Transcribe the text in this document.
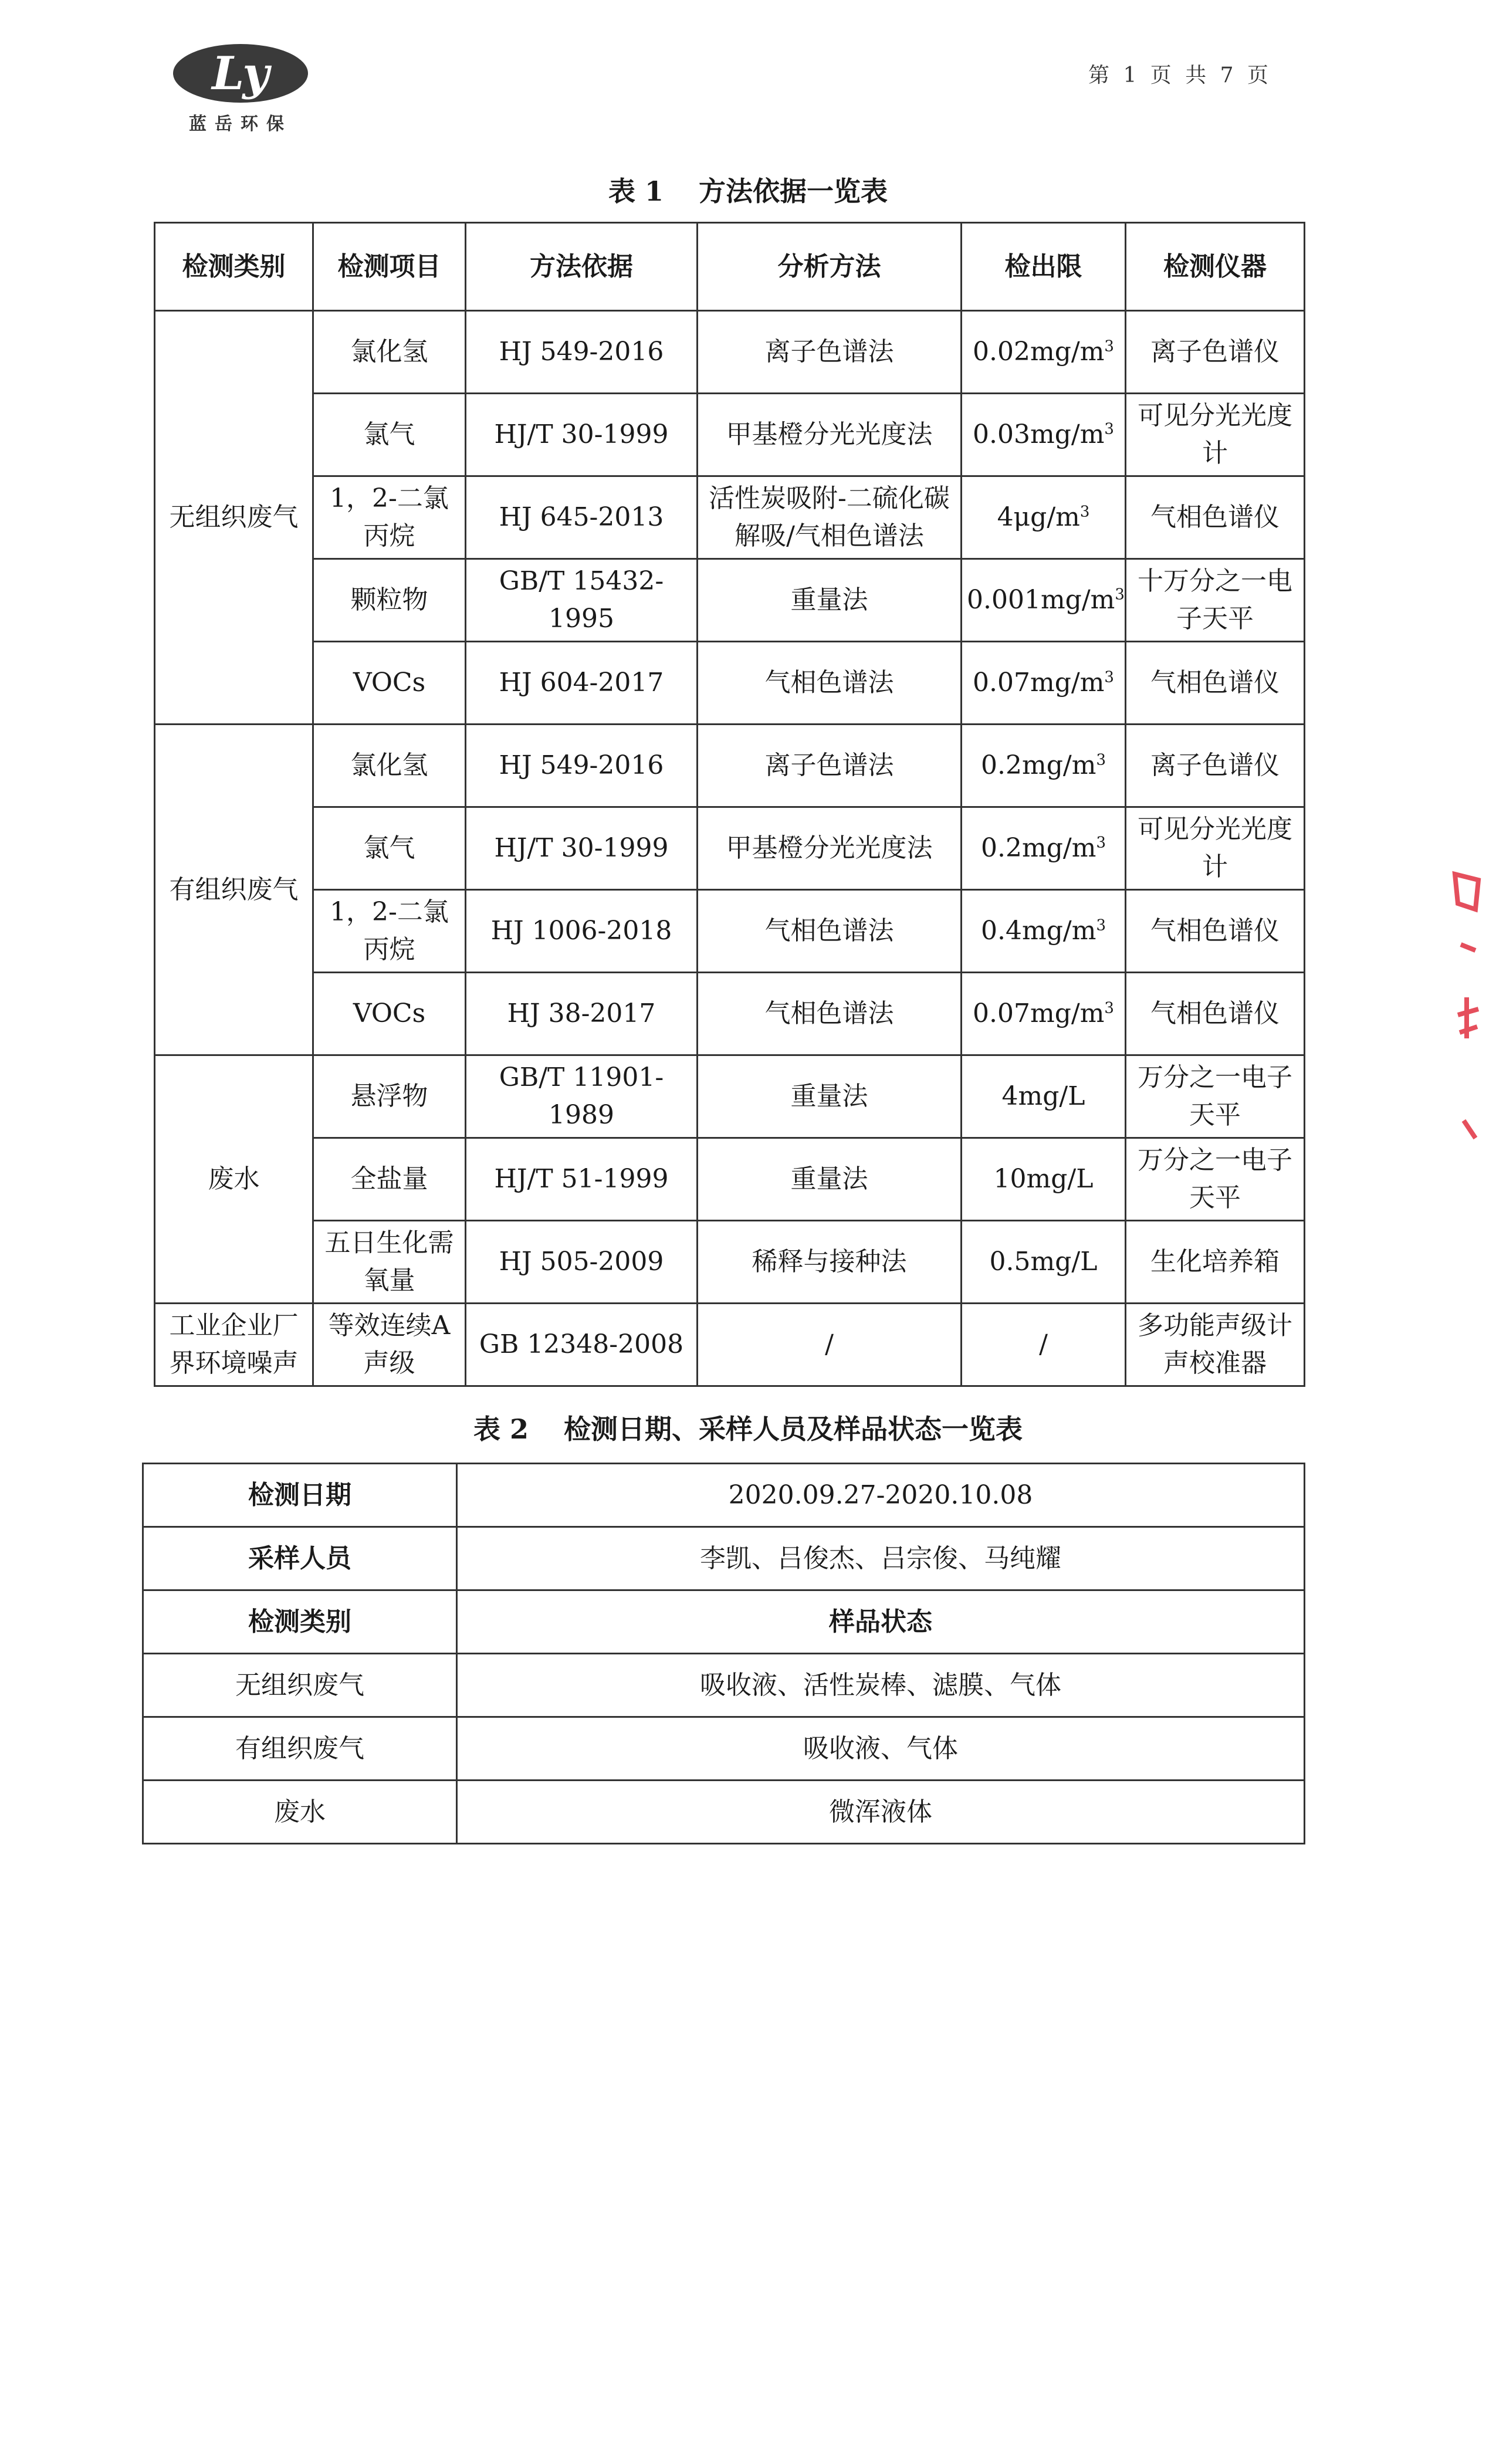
Ly
蓝岳环保
第 1 页 共 7 页
表 1 方法依据一览表
检测类别	检测项目	方法依据	分析方法	检出限	检测仪器
无组织废气	氯化氢	HJ 549-2016	离子色谱法	$0.02mg/m^3$	离子色谱仪
	氯气	HJ/T 30-1999	甲基橙分光光度法	$0.03mg/m^3$	可见分光光度计
	1，2-二氯丙烷	HJ 645-2013	活性炭吸附-二硫化碳解吸/气相色谱法	$4\mu g/m^3$	气相色谱仪
	颗粒物	GB/T 15432-1995	重量法	$0.001mg/m^3$	十万分之一电子天平
	VOCs	HJ 604-2017	气相色谱法	$0.07mg/m^3$	气相色谱仪
有组织废气	氯化氢	HJ 549-2016	离子色谱法	$0.2mg/m^3$	离子色谱仪
	氯气	HJ/T 30-1999	甲基橙分光光度法	$0.2mg/m^3$	可见分光光度计
	1，2-二氯丙烷	HJ 1006-2018	气相色谱法	$0.4mg/m^3$	气相色谱仪
	VOCs	HJ 38-2017	气相色谱法	$0.07mg/m^3$	气相色谱仪
废水	悬浮物	GB/T 11901-1989	重量法	4mg/L	万分之一电子天平
	全盐量	HJ/T 51-1999	重量法	10mg/L	万分之一电子天平
	五日生化需氧量	HJ 505-2009	稀释与接种法	0.5mg/L	生化培养箱
工业企业厂界环境噪声	等效连续A 声级	GB 12348-2008	/	/	多功能声级计声校准器
表 2 检测日期、采样人员及样品状态一览表
检测日期	2020.09.27-2020.10.08
采样人员	李凯、吕俊杰、吕宗俊、马纯耀
检测类别	样品状态
无组织废气	吸收液、活性炭棒、滤膜、气体
有组织废气	吸收液、气体
废水	微浑液体
